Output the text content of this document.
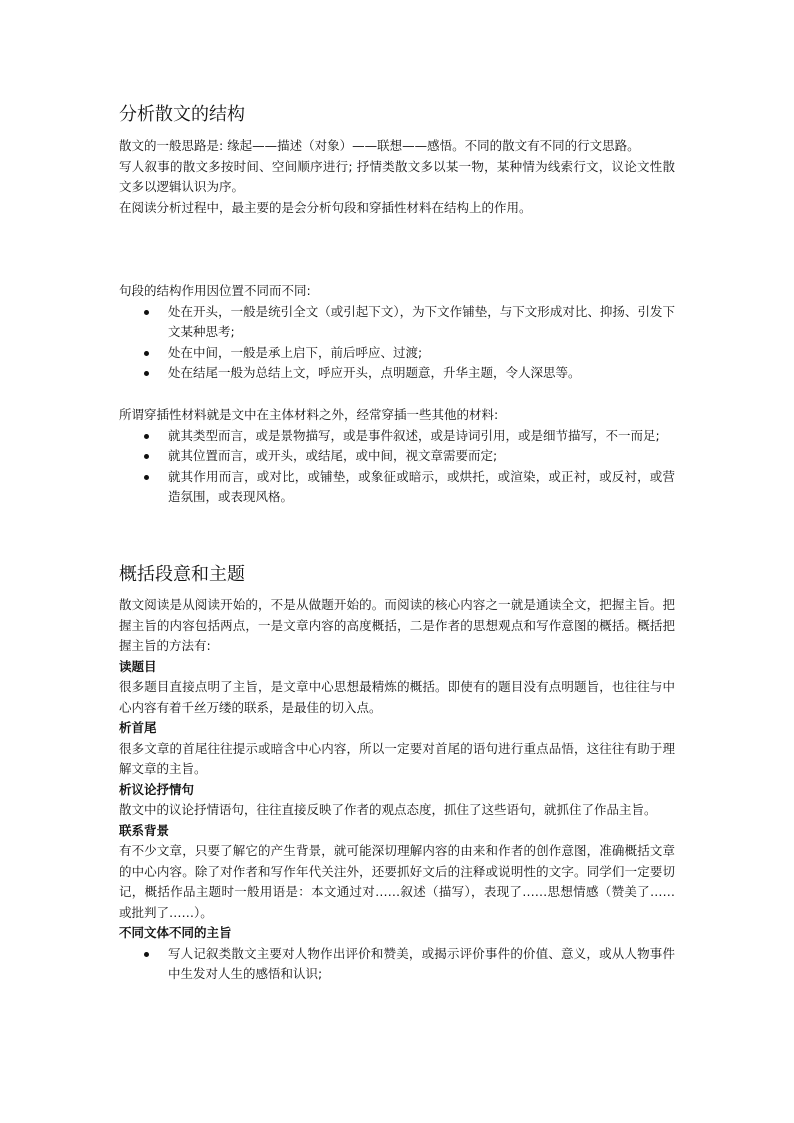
分析散文的结构

散文的一般思路是: 缘起——描述（对象）——联想——感悟。不同的散文有不同的行文思路。

写人叙事的散文多按时间、空间顺序进行; 抒情类散文多以某一物，某种情为线索行文，议论文性散文多以逻辑认识为序。

在阅读分析过程中，最主要的是会分析句段和穿插性材料在结构上的作用。

句段的结构作用因位置不同而不同:

处在开头，一般是统引全文（或引起下文），为下文作铺垫，与下文形成对比、抑扬、引发下文某种思考;
处在中间，一般是承上启下，前后呼应、过渡;
处在结尾一般为总结上文，呼应开头，点明题意，升华主题，令人深思等。

所谓穿插性材料就是文中在主体材料之外，经常穿插一些其他的材料:

就其类型而言，或是景物描写，或是事件叙述，或是诗词引用，或是细节描写，不一而足;
就其位置而言，或开头，或结尾，或中间，视文章需要而定;
就其作用而言，或对比，或铺垫，或象征或暗示，或烘托，或渲染，或正衬，或反衬，或营造氛围，或表现风格。
概括段意和主题

散文阅读是从阅读开始的，不是从做题开始的。而阅读的核心内容之一就是通读全文，把握主旨。把握主旨的内容包括两点，一是文章内容的高度概括，二是作者的思想观点和写作意图的概括。概括把握主旨的方法有:

读题目

很多题目直接点明了主旨，是文章中心思想最精炼的概括。即使有的题目没有点明题旨，也往往与中心内容有着千丝万缕的联系，是最佳的切入点。

析首尾

很多文章的首尾往往提示或暗含中心内容，所以一定要对首尾的语句进行重点品悟，这往往有助于理解文章的主旨。

析议论抒情句

散文中的议论抒情语句，往往直接反映了作者的观点态度，抓住了这些语句，就抓住了作品主旨。

联系背景

有不少文章，只要了解它的产生背景，就可能深切理解内容的由来和作者的创作意图，准确概括文章的中心内容。除了对作者和写作年代关注外，还要抓好文后的注释或说明性的文字。同学们一定要切记，概括作品主题时一般用语是：本文通过对……叙述（描写），表现了……思想情感（赞美了……或批判了……）。

不同文体不同的主旨
写人记叙类散文主要对人物作出评价和赞美，或揭示评价事件的价值、意义，或从人物事件中生发对人生的感悟和认识;
